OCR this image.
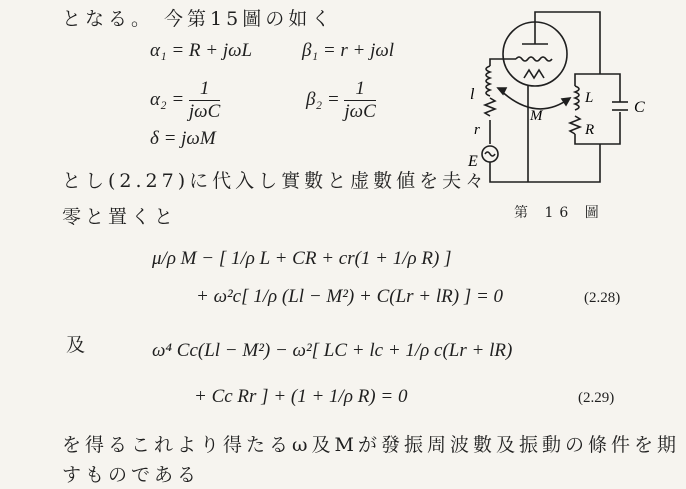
となる。 今第15圖の如く
α₁ = R + jωL	β₁ = r + jωl
$\alpha_2 = \frac{1}{\text{jωC}}$	$\beta_2 = \frac{1}{\text{jωC}}$
δ = jωM
とし(2.27)に代入し實數と虚數値を夫々
零と置くと
μ/ρ M − [ 1/ρ L + CR + cr(1 + 1/ρ R) ]
+ ω²c[ 1/ρ (Ll − M²) + C(Lr + lR) ] = 0	(2.28)
及	ω⁴ Cc(Ll − M²) − ω²[ LC + lc + 1/ρ c(Lr + lR)
+ Cc Rr ] + (1 + 1/ρ R) = 0	(2.29)
を得るこれより得たるω及Mが發振周波數及振動の條件を期
すものである
l
r
E
M
L
R
C
第 16 圖
